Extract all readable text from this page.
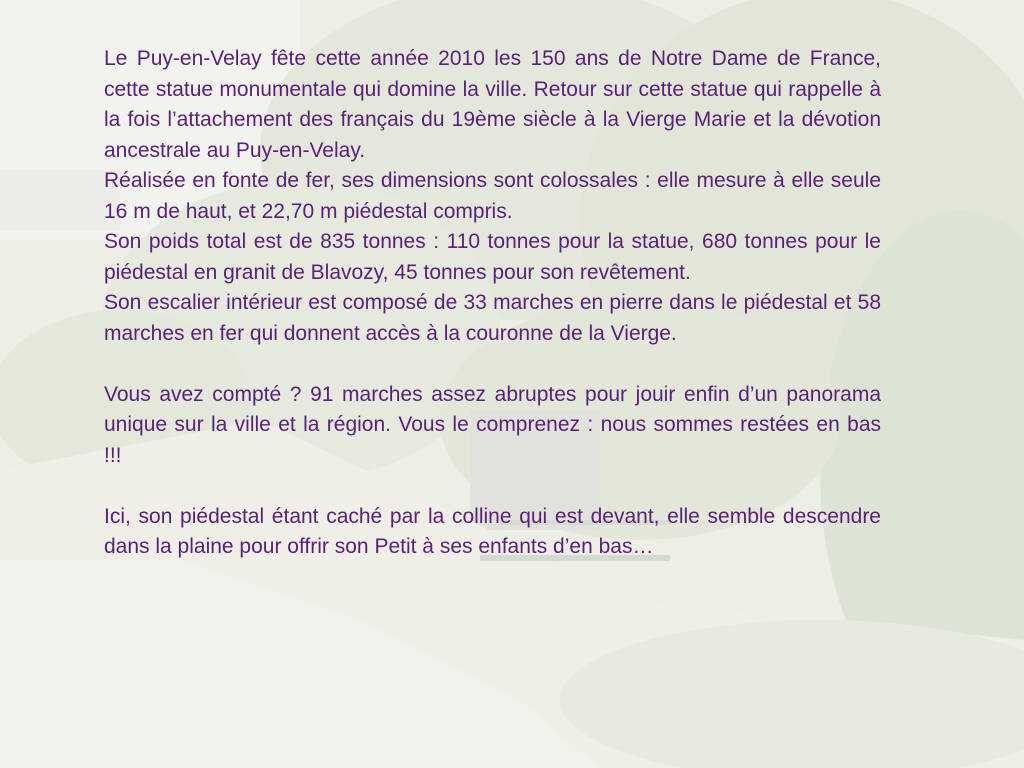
Le Puy-en-Velay fête cette année 2010 les 150 ans de Notre Dame de France, cette statue monumentale qui domine la ville. Retour sur cette statue qui rappelle à la fois l’attachement des français du 19ème siècle à la Vierge Marie et la dévotion ancestrale au Puy-en-Velay.

Réalisée en fonte de fer, ses dimensions sont colossales : elle mesure à elle seule 16 m de haut, et 22,70 m piédestal compris.

Son poids total est de 835 tonnes : 110 tonnes pour la statue, 680 tonnes pour le piédestal en granit de Blavozy, 45 tonnes pour son revêtement.

Son escalier intérieur est composé de 33 marches en pierre dans le piédestal et 58 marches en fer qui donnent accès à la couronne de la Vierge.

Vous avez compté ? 91 marches assez abruptes pour jouir enfin d’un panorama unique sur la ville et la région. Vous le comprenez : nous sommes restées en bas !!!

Ici, son piédestal étant caché par la colline qui est devant, elle semble descendre dans la plaine pour offrir son Petit à ses enfants d’en bas…
